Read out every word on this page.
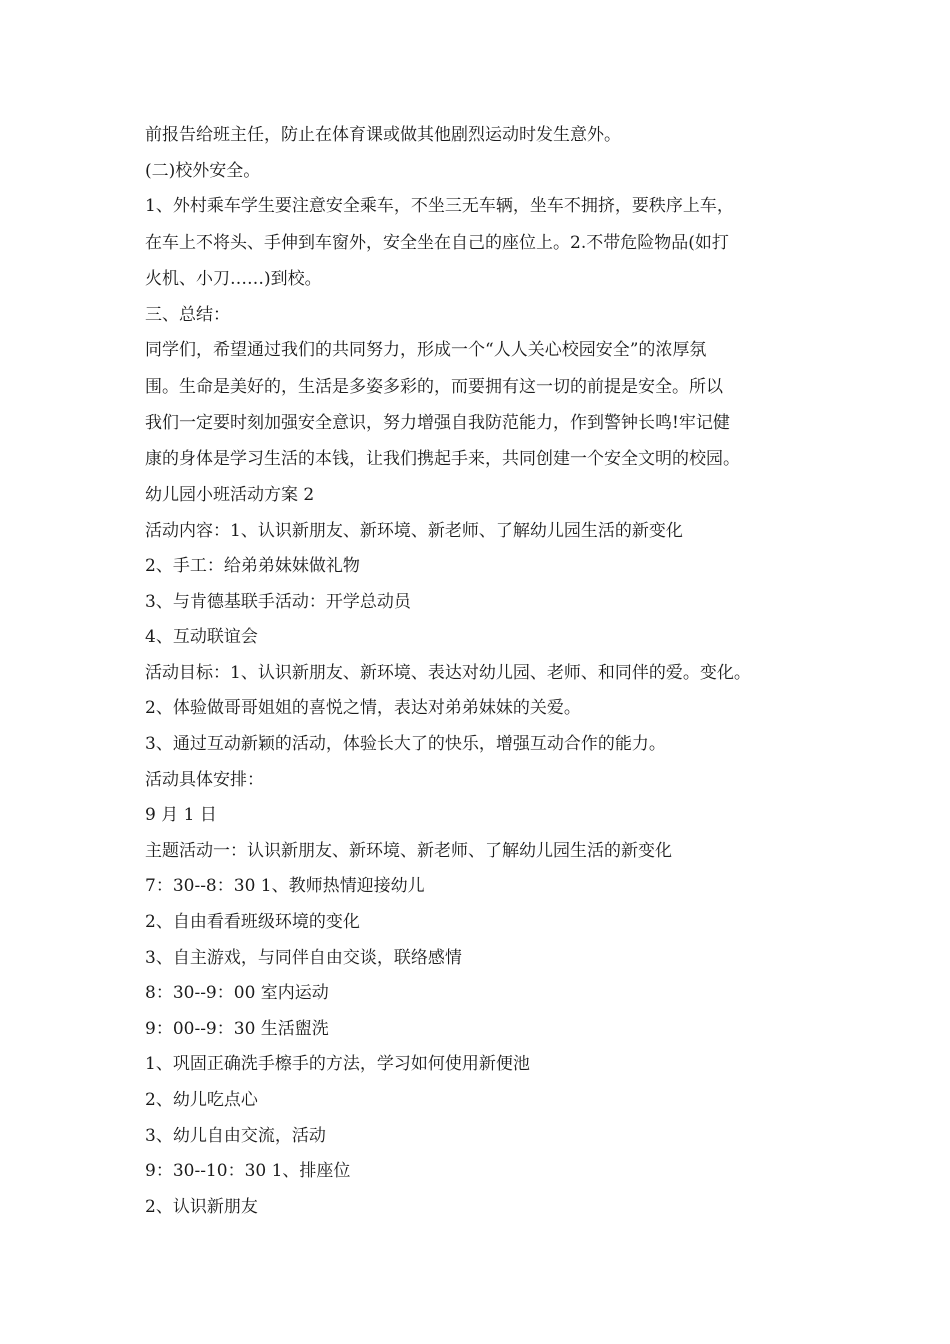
前报告给班主任，防止在体育课或做其他剧烈运动时发生意外。

(二)校外安全。

1、外村乘车学生要注意安全乘车，不坐三无车辆，坐车不拥挤，要秩序上车，

在车上不将头、手伸到车窗外，安全坐在自己的座位上。2.不带危险物品(如打

火机、小刀……)到校。

三、总结：

同学们，希望通过我们的共同努力，形成一个“人人关心校园安全”的浓厚氛

围。生命是美好的，生活是多姿多彩的，而要拥有这一切的前提是安全。所以

我们一定要时刻加强安全意识，努力增强自我防范能力，作到警钟长鸣!牢记健

康的身体是学习生活的本钱，让我们携起手来，共同创建一个安全文明的校园。

幼儿园小班活动方案 2

活动内容：1、认识新朋友、新环境、新老师、了解幼儿园生活的新变化

2、手工：给弟弟妹妹做礼物

3、与肯德基联手活动：开学总动员

4、互动联谊会

活动目标：1、认识新朋友、新环境、表达对幼儿园、老师、和同伴的爱。变化。

2、体验做哥哥姐姐的喜悦之情，表达对弟弟妹妹的关爱。

3、通过互动新颖的活动，体验长大了的快乐，增强互动合作的能力。

活动具体安排：

9 月 1 日

主题活动一：认识新朋友、新环境、新老师、了解幼儿园生活的新变化

7：30--8：30 1、教师热情迎接幼儿

2、自由看看班级环境的变化

3、自主游戏，与同伴自由交谈，联络感情

8：30--9：00 室内运动

9：00--9：30 生活盥洗

1、巩固正确洗手檫手的方法，学习如何使用新便池

2、幼儿吃点心

3、幼儿自由交流，活动

9：30--10：30 1、排座位

2、认识新朋友
